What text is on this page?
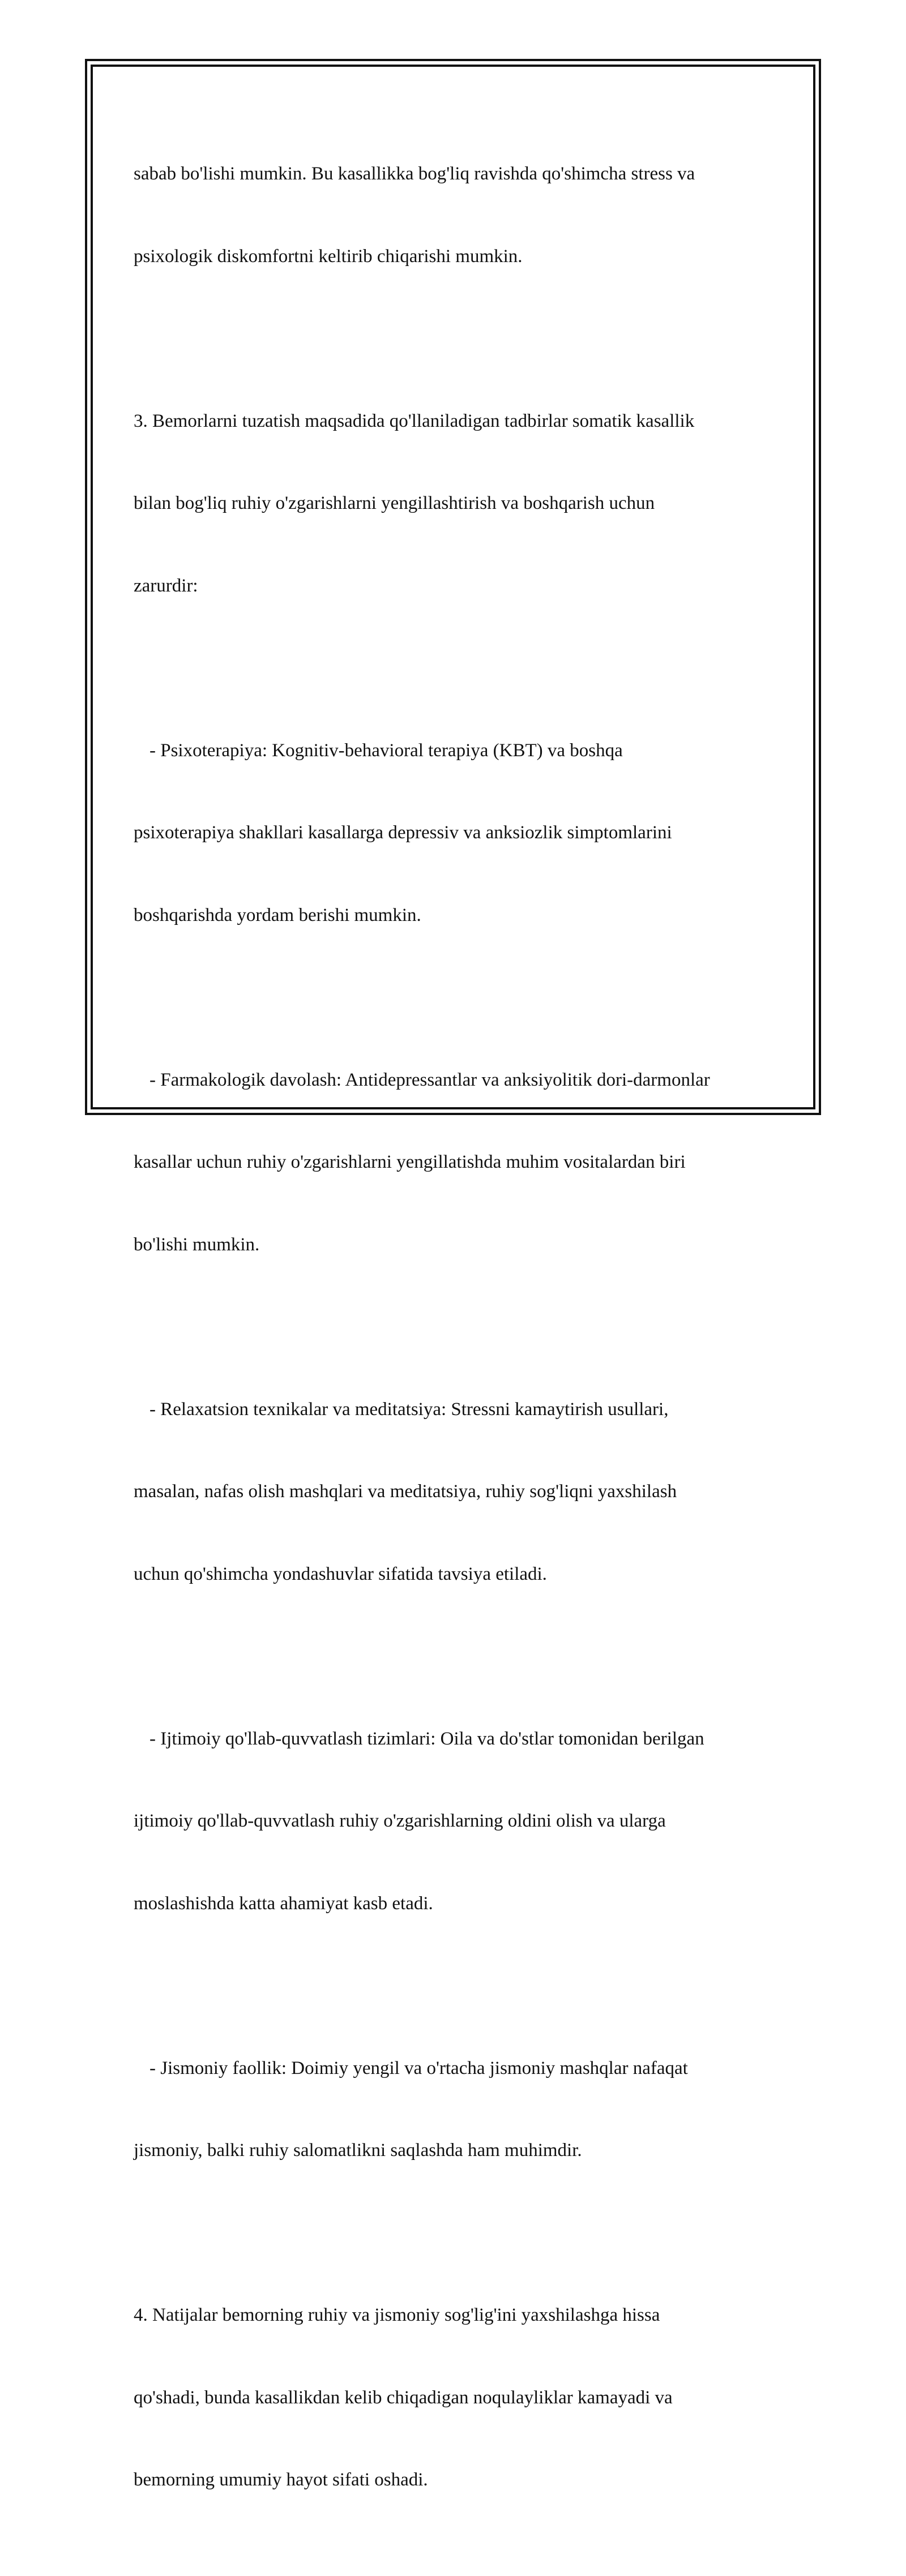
sabab bo'lishi mumkin. Bu kasallikka bog'liq ravishda qo'shimcha stress va

psixologik diskomfortni keltirib chiqarishi mumkin.

3. Bemorlarni tuzatish maqsadida qo'llaniladigan tadbirlar somatik kasallik

bilan bog'liq ruhiy o'zgarishlarni yengillashtirish va boshqarish uchun

zarurdir:

- Psixoterapiya: Kognitiv-behavioral terapiya (KBT) va boshqa

psixoterapiya shakllari kasallarga depressiv va anksiozlik simptomlarini

boshqarishda yordam berishi mumkin.

- Farmakologik davolash: Antidepressantlar va anksiyolitik dori-darmonlar

kasallar uchun ruhiy o'zgarishlarni yengillatishda muhim vositalardan biri

bo'lishi mumkin.

- Relaxatsion texnikalar va meditatsiya: Stressni kamaytirish usullari,

masalan, nafas olish mashqlari va meditatsiya, ruhiy sog'liqni yaxshilash

uchun qo'shimcha yondashuvlar sifatida tavsiya etiladi.

- Ijtimoiy qo'llab-quvvatlash tizimlari: Oila va do'stlar tomonidan berilgan

ijtimoiy qo'llab-quvvatlash ruhiy o'zgarishlarning oldini olish va ularga

moslashishda katta ahamiyat kasb etadi.

- Jismoniy faollik: Doimiy yengil va o'rtacha jismoniy mashqlar nafaqat

jismoniy, balki ruhiy salomatlikni saqlashda ham muhimdir.

4. Natijalar bemorning ruhiy va jismoniy sog'lig'ini yaxshilashga hissa

qo'shadi, bunda kasallikdan kelib chiqadigan noqulayliklar kamayadi va

bemorning umumiy hayot sifati oshadi.
